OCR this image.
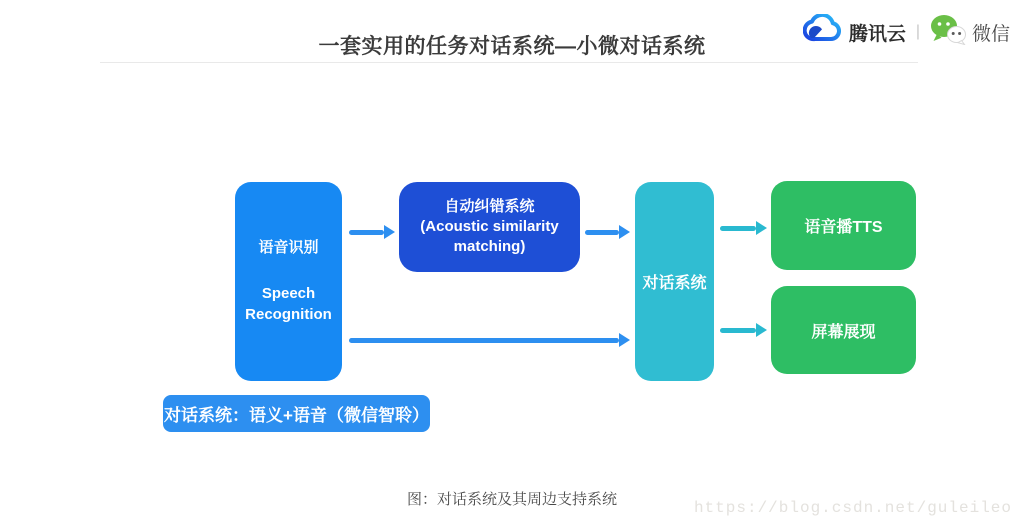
一套实用的任务对话系统—小微对话系统
腾讯云 |	微信
语音识别
Speech Recognition
自动纠错系统
(Acoustic similarity matching)
对话系统
语音播TTS
屏幕展现
对话系统：语义+语音（微信智聆）
图：对话系统及其周边支持系统	https://blog.csdn.net/guleileo
